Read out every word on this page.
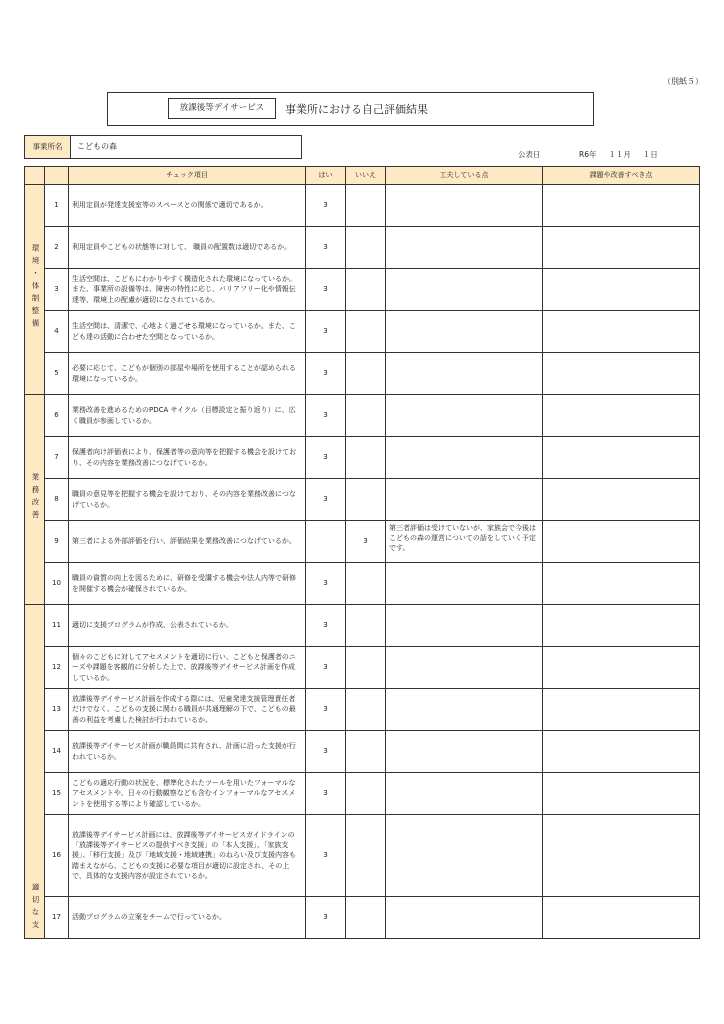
（別紙５）
放課後等デイサービス	事業所における自己評価結果
事業所名	こどもの森
公表日	R6年　 １１月　 １日
		チェック項目	はい	いいえ	工夫している点	課題や改善すべき点
環境・体制整備	1	利用定員が発達支援室等のスペースとの関係で適切であるか。	3			
	2	利用定員やこどもの状態等に対して、 職員の配置数は適切であるか。	3			
	3	生活空間は、こどもにわかりやすく構造化された環境になっているか。また、事業所の設備等は、障害の特性に応じ、バリアフリー化や情報伝達等、環境上の配慮が適切になされているか。	3			
	4	生活空間は、清潔で、心地よく過ごせる環境になっているか。また、こども達の活動に合わせた空間となっているか。	3			
	5	必要に応じて、こどもが個別の部屋や場所を使用することが認められる環境になっているか。	3			
業務改善	6	業務改善を進めるためのPDCA サイクル（目標設定と振り返り）に、広く職員が参画しているか。	3			
	7	保護者向け評価表により、保護者等の意向等を把握する機会を設けており、その内容を業務改善につなげているか。	3			
	8	職員の意見等を把握する機会を設けており、その内容を業務改善につなげているか。	3			
	9	第三者による外部評価を行い、評価結果を業務改善につなげているか。		3	第三者評価は受けていないが、家族会で今後はこどもの森の運営についての話をしていく予定です。	
	10	職員の資質の向上を図るために、研修を受講する機会や法人内等で研修を開催する機会が確保されているか。	3			
適切な支	11	適切に支援プログラムが作成、公表されているか。	3			
	12	個々のこどもに対してアセスメントを適切に行い、こどもと保護者のニーズや課題を客観的に分析した上で、放課後等デイサービス計画を作成しているか。	3			
	13	放課後等デイサービス計画を作成する際には、児童発達支援管理責任者だけでなく、こどもの支援に関わる職員が共通理解の下で、こどもの最善の利益を考慮した検討が行われているか。	3			
	14	放課後等デイサービス計画が職員間に共有され、計画に沿った支援が行われているか。	3			
	15	こどもの適応行動の状況を、標準化されたツールを用いたフォーマルなアセスメントや、日々の行動観察なども含むインフォーマルなアセスメントを使用する等により確認しているか。	3			
	16	放課後等デイサービス計画には、放課後等デイサービスガイドラインの「放課後等デイサービスの提供すべき支援」の「本人支援」、「家族支援」、「移行支援」及び「地域支援・地域連携」のねらい及び支援内容も踏まえながら、こどもの支援に必要な項目が適切に設定され、その上で、具体的な支援内容が設定されているか。	3			
	17	活動プログラムの立案をチームで行っているか。	3			
